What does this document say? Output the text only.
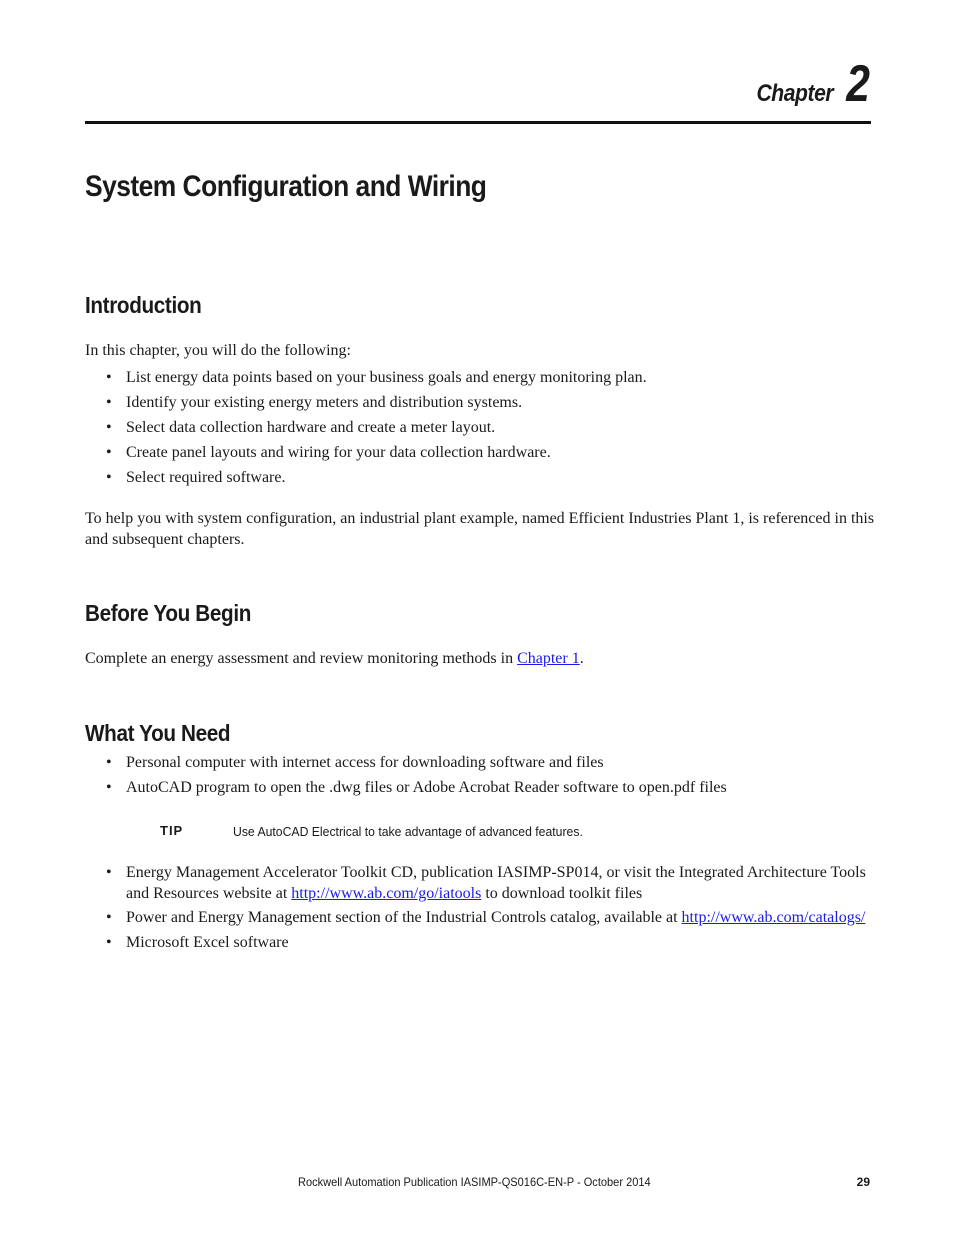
Chapter 2
System Configuration and Wiring
Introduction
In this chapter, you will do the following:
• List energy data points based on your business goals and energy monitoring plan.
• Identify your existing energy meters and distribution systems.
• Select data collection hardware and create a meter layout.
• Create panel layouts and wiring for your data collection hardware.
• Select required software.
To help you with system configuration, an industrial plant example, named Efficient Industries Plant 1, is referenced in this and subsequent chapters.
Before You Begin
Complete an energy assessment and review monitoring methods in Chapter 1.
What You Need
• Personal computer with internet access for downloading software and files
• AutoCAD program to open the .dwg files or Adobe Acrobat Reader software to open.pdf files
TIP	Use AutoCAD Electrical to take advantage of advanced features.
• Energy Management Accelerator Toolkit CD, publication IASIMP-SP014, or visit the Integrated Architecture Tools and Resources website at http://www.ab.com/go/iatools to download toolkit files
• Power and Energy Management section of the Industrial Controls catalog, available at http://www.ab.com/catalogs/
• Microsoft Excel software
Rockwell Automation Publication IASIMP-QS016C-EN-P - October 2014	29
